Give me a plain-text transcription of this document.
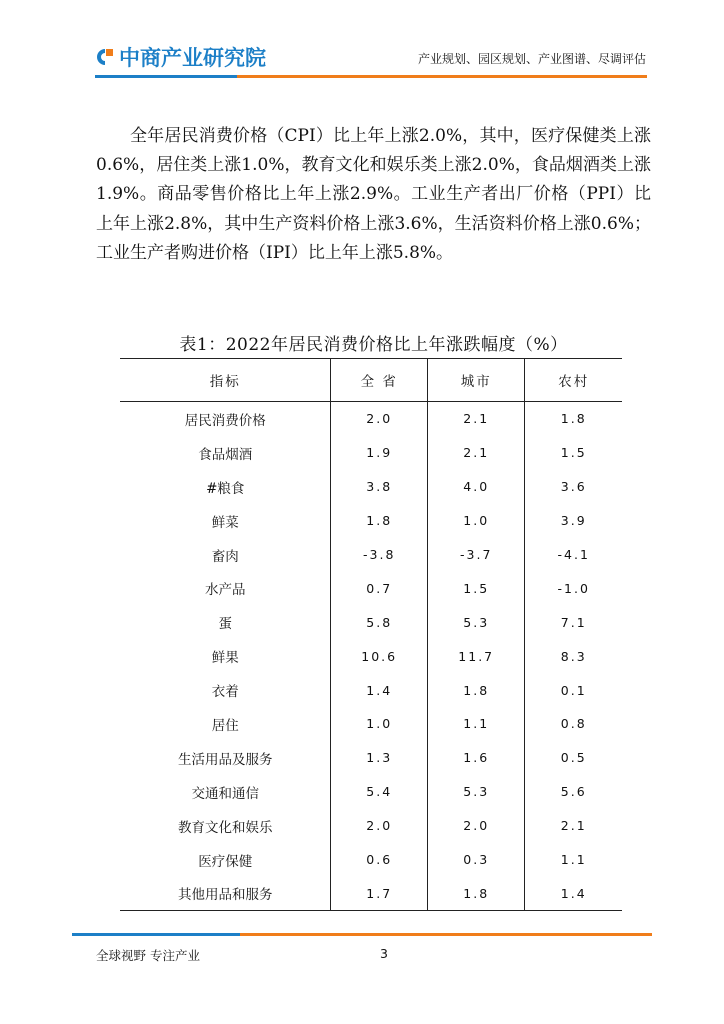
中商产业研究院	产业规划、园区规划、产业图谱、尽调评估

全年居民消费价格（CPI）比上年上涨2.0%，其中，医疗保健类上涨0.6%，居住类上涨1.0%，教育文化和娱乐类上涨2.0%，食品烟酒类上涨1.9%。商品零售价格比上年上涨2.9%。工业生产者出厂价格（PPI）比上年上涨2.8%，其中生产资料价格上涨3.6%，生活资料价格上涨0.6%；工业生产者购进价格（IPI）比上年上涨5.8%。

表1：2022年居民消费价格比上年涨跌幅度（%）
指标	全 省	城市	农村
居民消费价格	2.0	2.1	1.8
食品烟酒	1.9	2.1	1.5
#粮食	3.8	4.0	3.6
鲜菜	1.8	1.0	3.9
畜肉	-3.8	-3.7	-4.1
水产品	0.7	1.5	-1.0
蛋	5.8	5.3	7.1
鲜果	10.6	11.7	8.3
衣着	1.4	1.8	0.1
居住	1.0	1.1	0.8
生活用品及服务	1.3	1.6	0.5
交通和通信	5.4	5.3	5.6
教育文化和娱乐	2.0	2.0	2.1
医疗保健	0.6	0.3	1.1
其他用品和服务	1.7	1.8	1.4
全球视野 专注产业	3
